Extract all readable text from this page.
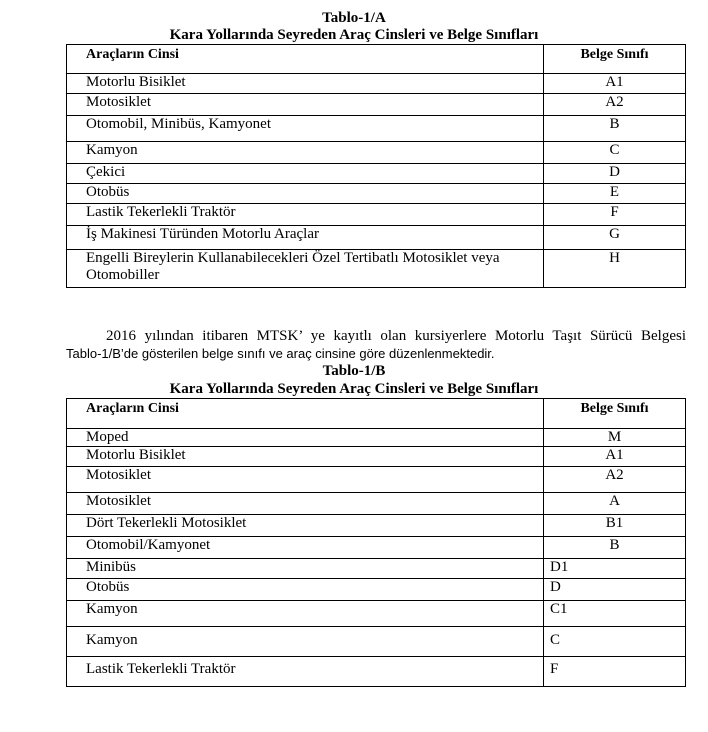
Tablo-1/A
Kara Yollarında Seyreden Araç Cinsleri ve Belge Sınıfları
Araçların Cinsi	Belge Sınıfı
Motorlu Bisiklet	A1
Motosiklet	A2
Otomobil, Minibüs, Kamyonet	B
Kamyon	C
Çekici	D
Otobüs	E
Lastik Tekerlekli Traktör	F
İş Makinesi Türünden Motorlu Araçlar	G
Engelli Bireylerin Kullanabilecekleri Özel Tertibatlı Motosiklet veya Otomobiller	H
2016 yılından itibaren MTSK’ ye kayıtlı olan kursiyerlere Motorlu Taşıt Sürücü Belgesi
Tablo-1/B’de gösterilen belge sınıfı ve araç cinsine göre düzenlenmektedir.
Tablo-1/B
Kara Yollarında Seyreden Araç Cinsleri ve Belge Sınıfları
Araçların Cinsi	Belge Sınıfı
Moped	M
Motorlu Bisiklet	A1
Motosiklet	A2
Motosiklet	A
Dört Tekerlekli Motosiklet	B1
Otomobil/Kamyonet	B
Minibüs	D1
Otobüs	D
Kamyon	C1
Kamyon	C
Lastik Tekerlekli Traktör	F
